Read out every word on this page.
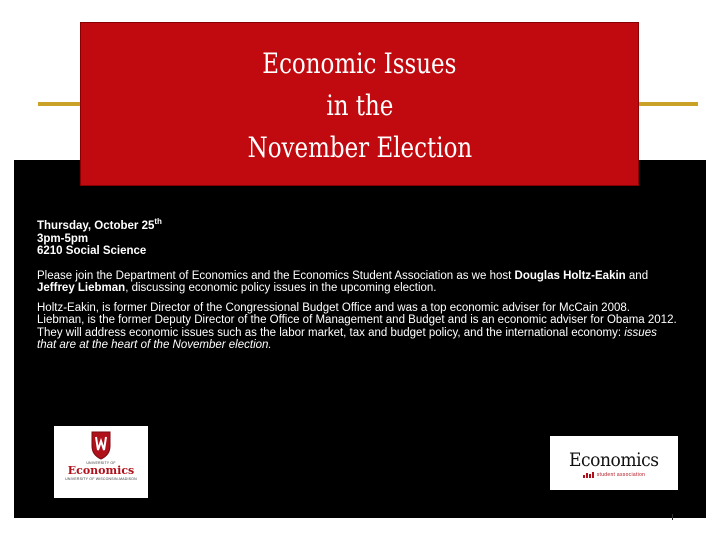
Economic Issues
in the
November Election
Thursday, October 25th
3pm-5pm
6210 Social Science
Please join the Department of Economics and the Economics Student Association as we host Douglas Holtz-Eakin and Jeffrey Liebman, discussing economic policy issues in the upcoming election.
Holtz-Eakin, is former Director of the Congressional Budget Office and was a top economic adviser for McCain 2008. Liebman, is the former Deputy Director of the Office of Management and Budget and is an economic adviser for Obama 2012.
They will address economic issues such as the labor market, tax and budget policy, and the international economy: issues that are at the heart of the November election.
UNIVERSITY OF
Economics
UNIVERSITY OF WISCONSIN-MADISON
Economics
student association
